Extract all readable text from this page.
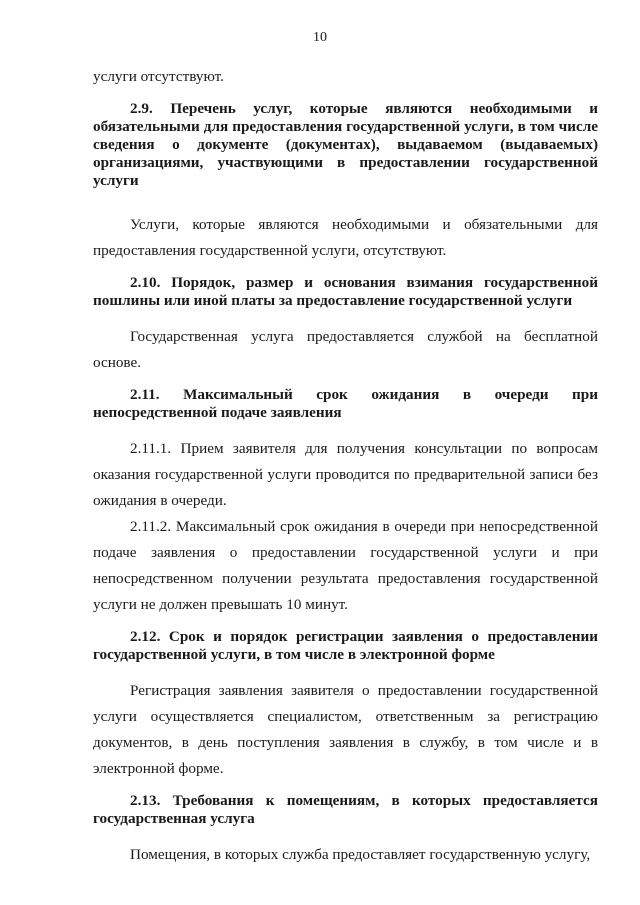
10

услуги отсутствуют.

2.9. Перечень услуг, которые являются необходимыми и обязательными для предоставления государственной услуги, в том числе сведения о документе (документах), выдаваемом (выдаваемых) организациями, участвующими в предоставлении государственной услуги

Услуги, которые являются необходимыми и обязательными для предоставления государственной услуги, отсутствуют.

2.10. Порядок, размер и основания взимания государственной пошлины или иной платы за предоставление государственной услуги

Государственная услуга предоставляется службой на бесплатной основе.

2.11. Максимальный срок ожидания в очереди при непосредственной подаче заявления

2.11.1. Прием заявителя для получения консультации по вопросам оказания государственной услуги проводится по предварительной записи без ожидания в очереди.

2.11.2. Максимальный срок ожидания в очереди при непосредственной подаче заявления о предоставлении государственной услуги и при непосредственном получении результата предоставления государственной услуги не должен превышать 10 минут.

2.12. Срок и порядок регистрации заявления о предоставлении государственной услуги, в том числе в электронной форме

Регистрация заявления заявителя о предоставлении государственной услуги осуществляется специалистом, ответственным за регистрацию документов, в день поступления заявления в службу, в том числе и в электронной форме.

2.13. Требования к помещениям, в которых предоставляется государственная услуга

Помещения, в которых служба предоставляет государственную услугу,
